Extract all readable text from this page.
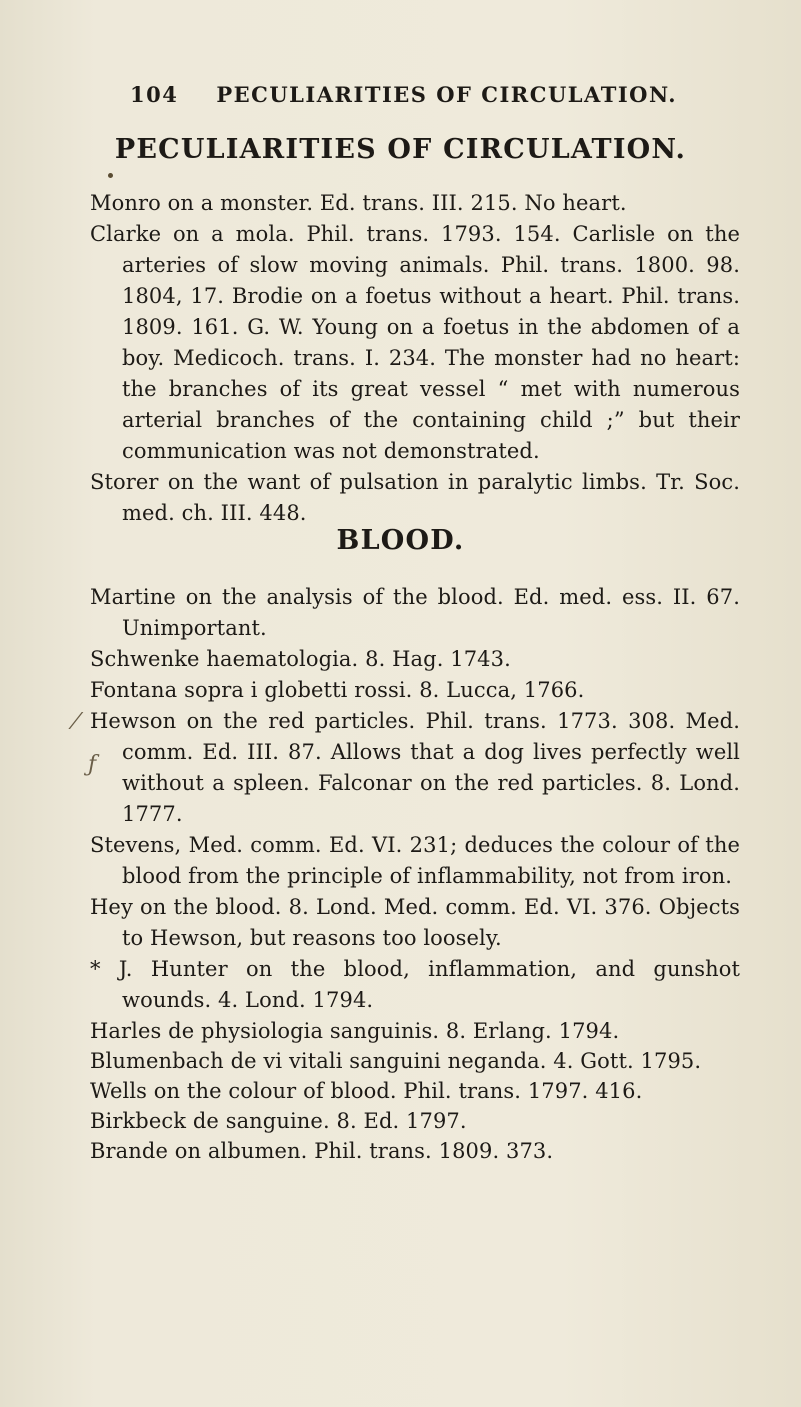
104 PECULIARITIES OF CIRCULATION.
PECULIARITIES OF CIRCULATION.

Monro on a monster. Ed. trans. III. 215. No heart.

Clarke on a mola. Phil. trans. 1793. 154. Carlisle on the arteries of slow moving animals. Phil. trans. 1800. 98. 1804, 17. Brodie on a foetus without a heart. Phil. trans. 1809. 161. G. W. Young on a foetus in the abdomen of a boy. Medicoch. trans. I. 234. The monster had no heart: the branches of its great vessel “ met with numerous arterial branches of the containing child ;” but their communication was not demonstrated.

Storer on the want of pulsation in paralytic limbs. Tr. Soc. med. ch. III. 448.

BLOOD.
⁄
ƒ

Martine on the analysis of the blood. Ed. med. ess. II. 67. Unimportant.

Schwenke haematologia. 8. Hag. 1743.

Fontana sopra i globetti rossi. 8. Lucca, 1766.

Hewson on the red particles. Phil. trans. 1773. 308. Med. comm. Ed. III. 87. Allows that a dog lives perfectly well without a spleen. Falconar on the red particles. 8. Lond. 1777.

Stevens, Med. comm. Ed. VI. 231; deduces the colour of the blood from the principle of inflammability, not from iron.

Hey on the blood. 8. Lond. Med. comm. Ed. VI. 376. Objects to Hewson, but reasons too loosely.

* J. Hunter on the blood, inflammation, and gunshot wounds. 4. Lond. 1794.

Harles de physiologia sanguinis. 8. Erlang. 1794.

Blumenbach de vi vitali sanguini neganda. 4. Gott. 1795.

Wells on the colour of blood. Phil. trans. 1797. 416.

Birkbeck de sanguine. 8. Ed. 1797.

Brande on albumen. Phil. trans. 1809. 373.
